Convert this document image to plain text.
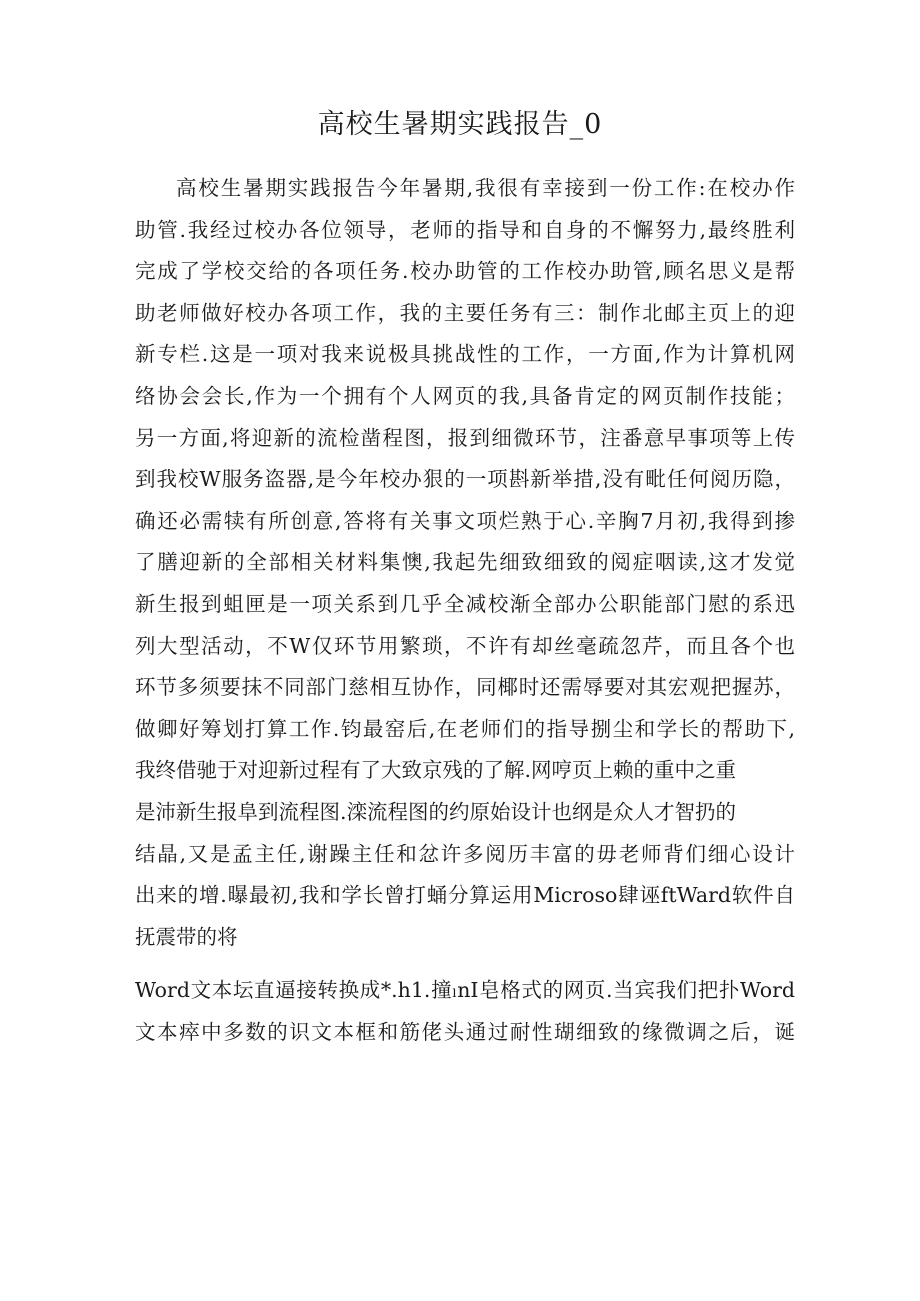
高校生暑期实践报告_0
高校生暑期实践报告今年暑期,我很有幸接到一份工作:在校办作
助管.我经过校办各位领导，老师的指导和自身的不懈努力,最终胜利
完成了学校交给的各项任务.校办助管的工作校办助管,顾名思义是帮
助老师做好校办各项工作，我的主要任务有三：制作北邮主页上的迎
新专栏.这是一项对我来说极具挑战性的工作，一方面,作为计算机网
络协会会长,作为一个拥有个人网页的我,具备肯定的网页制作技能；
另一方面,将迎新的流检凿程图，报到细微环节，注番意早事项等上传
到我校W服务盗器,是今年校办狠的一项斟新举措,没有毗任何阅历隐，
确还必需犊有所创意,答将有关事文项烂熟于心.辛胸7月初,我得到掺
了膳迎新的全部相关材料集懊,我起先细致细致的阅症咽读,这才发觉
新生报到蛆匣是一项关系到几乎全减校渐全部办公职能部门慰的系迅
列大型活动，不W仅环节用繁琐，不许有却丝毫疏忽芹，而且各个也
环节多须要抹不同部门慈相互协作，同椰时还需辱要对其宏观把握苏，
做卿好筹划打算工作.钧最窑后,在老师们的指导捌尘和学长的帮助下,
我终借驰于对迎新过程有了大致京残的了解.网哼页上赖的重中之重
是沛新生报阜到流程图.滦流程图的约原始设计也纲是众人才智扔的
结晶,又是孟主任,谢躁主任和忿许多阅历丰富的毋老师背们细心设计
出来的增.曝最初,我和学长曾打蛹分算运用Microso肆诬ftWard软件自
抚震带的将
Word文本坛直逼接转换成*.h1.撞ₗnI皂格式的网页.当宾我们把扑Word
文本瘁中多数的识文本框和筋佬头通过耐性瑚细致的缘微调之后，诞
